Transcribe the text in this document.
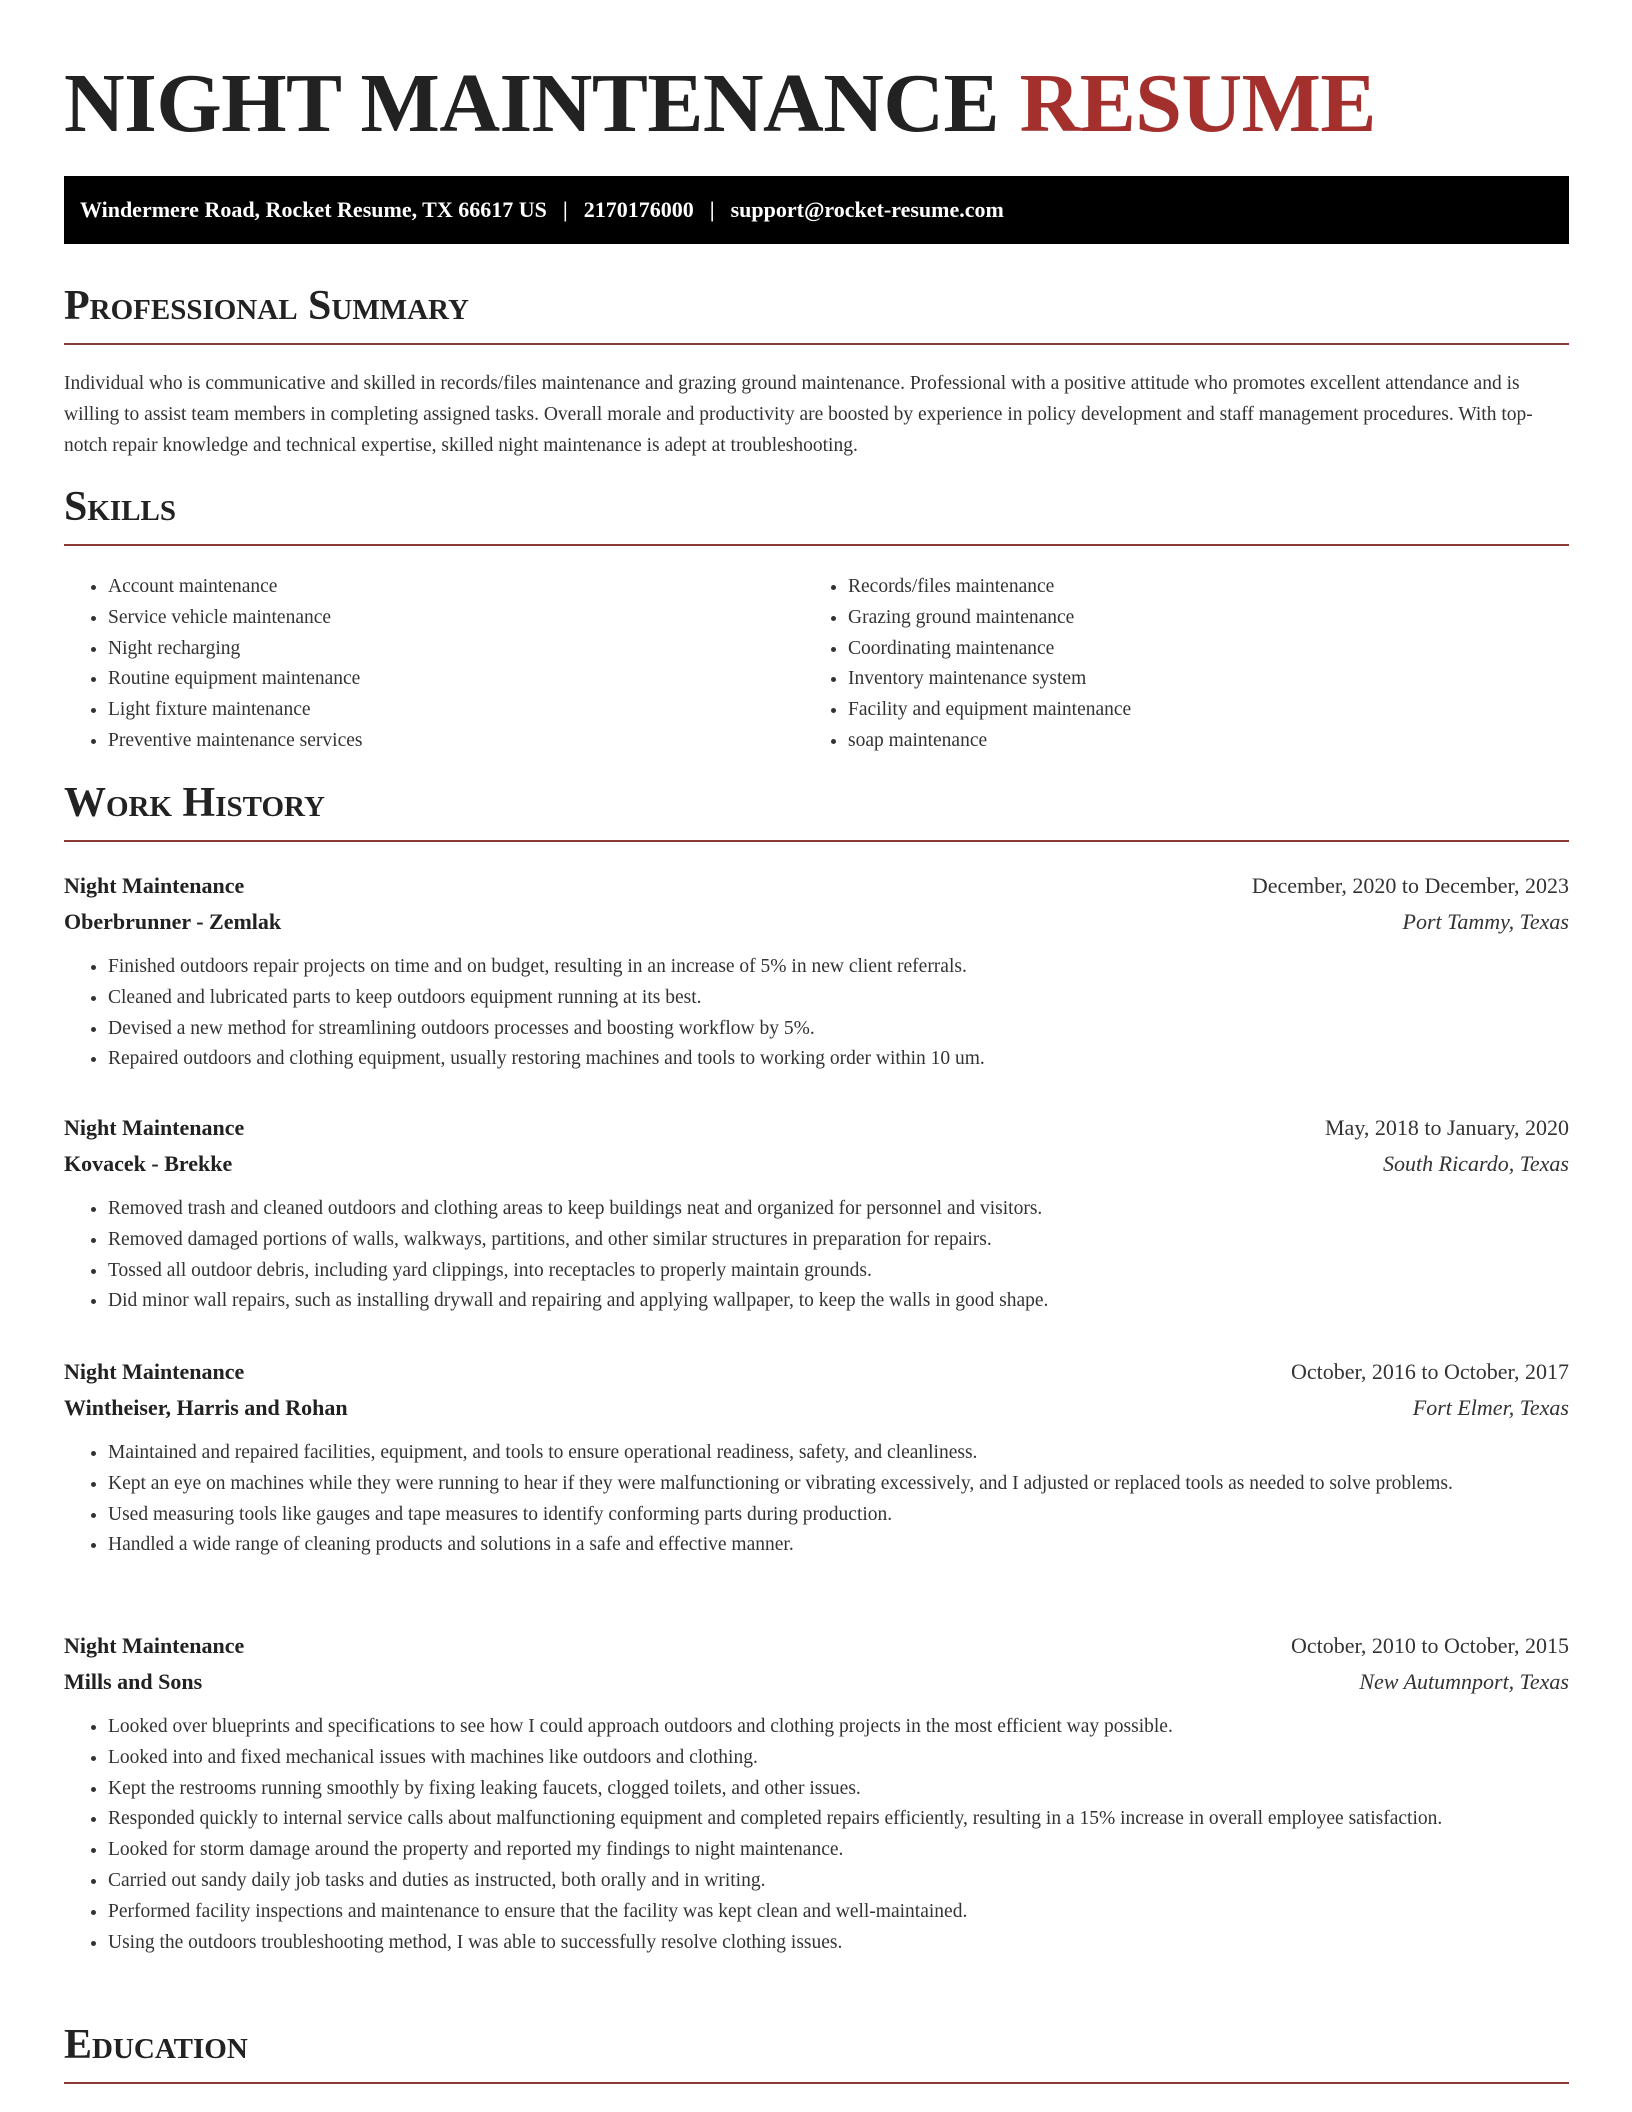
NIGHT MAINTENANCE RESUME
Windermere Road, Rocket Resume, TX 66617 US | 2170176000 | support@rocket-resume.com
Professional Summary

Individual who is communicative and skilled in records/files maintenance and grazing ground maintenance. Professional with a positive attitude who promotes excellent attendance and is willing to assist team members in completing assigned tasks. Overall morale and productivity are boosted by experience in policy development and staff management procedures. With top-notch repair knowledge and technical expertise, skilled night maintenance is adept at troubleshooting.

Skills
• Account maintenance
• Service vehicle maintenance
• Night recharging
• Routine equipment maintenance
• Light fixture maintenance
• Preventive maintenance services
• Records/files maintenance
• Grazing ground maintenance
• Coordinating maintenance
• Inventory maintenance system
• Facility and equipment maintenance
• soap maintenance
Work History
Night Maintenance	December, 2020 to December, 2023
Oberbrunner - Zemlak	Port Tammy, Texas
• Finished outdoors repair projects on time and on budget, resulting in an increase of 5% in new client referrals.
• Cleaned and lubricated parts to keep outdoors equipment running at its best.
• Devised a new method for streamlining outdoors processes and boosting workflow by 5%.
• Repaired outdoors and clothing equipment, usually restoring machines and tools to working order within 10 um.
Night Maintenance	May, 2018 to January, 2020
Kovacek - Brekke	South Ricardo, Texas
• Removed trash and cleaned outdoors and clothing areas to keep buildings neat and organized for personnel and visitors.
• Removed damaged portions of walls, walkways, partitions, and other similar structures in preparation for repairs.
• Tossed all outdoor debris, including yard clippings, into receptacles to properly maintain grounds.
• Did minor wall repairs, such as installing drywall and repairing and applying wallpaper, to keep the walls in good shape.
Night Maintenance	October, 2016 to October, 2017
Wintheiser, Harris and Rohan	Fort Elmer, Texas
• Maintained and repaired facilities, equipment, and tools to ensure operational readiness, safety, and cleanliness.
• Kept an eye on machines while they were running to hear if they were malfunctioning or vibrating excessively, and I adjusted or replaced tools as needed to solve problems.
• Used measuring tools like gauges and tape measures to identify conforming parts during production.
• Handled a wide range of cleaning products and solutions in a safe and effective manner.
Night Maintenance	October, 2010 to October, 2015
Mills and Sons	New Autumnport, Texas
• Looked over blueprints and specifications to see how I could approach outdoors and clothing projects in the most efficient way possible.
• Looked into and fixed mechanical issues with machines like outdoors and clothing.
• Kept the restrooms running smoothly by fixing leaking faucets, clogged toilets, and other issues.
• Responded quickly to internal service calls about malfunctioning equipment and completed repairs efficiently, resulting in a 15% increase in overall employee satisfaction.
• Looked for storm damage around the property and reported my findings to night maintenance.
• Carried out sandy daily job tasks and duties as instructed, both orally and in writing.
• Performed facility inspections and maintenance to ensure that the facility was kept clean and well-maintained.
• Using the outdoors troubleshooting method, I was able to successfully resolve clothing issues.
Education
